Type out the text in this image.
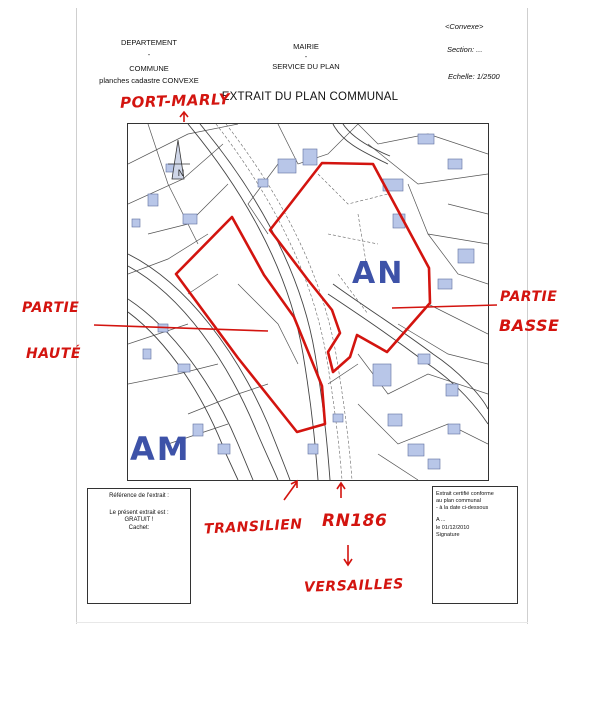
DEPARTEMENT
-
COMMUNE
planches cadastre CONVEXE
MAIRIE
-
SERVICE DU PLAN
<Convexe>
Section: ...
Echelle: 1/2500
EXTRAIT DU PLAN COMMUNAL
N
AN
AM
Référence de l'extrait :
Le présent extrait est :
GRATUIT !
Cachet:
Extrait certifié conforme
au plan communal
- à la date ci-dessous
A ...
le 01/12/2010
Signature
PORT-MARLY
PARTIE
HAUTÉ
PARTIE
BASSE
TRANSILIEN RN186
VERSAILLES
